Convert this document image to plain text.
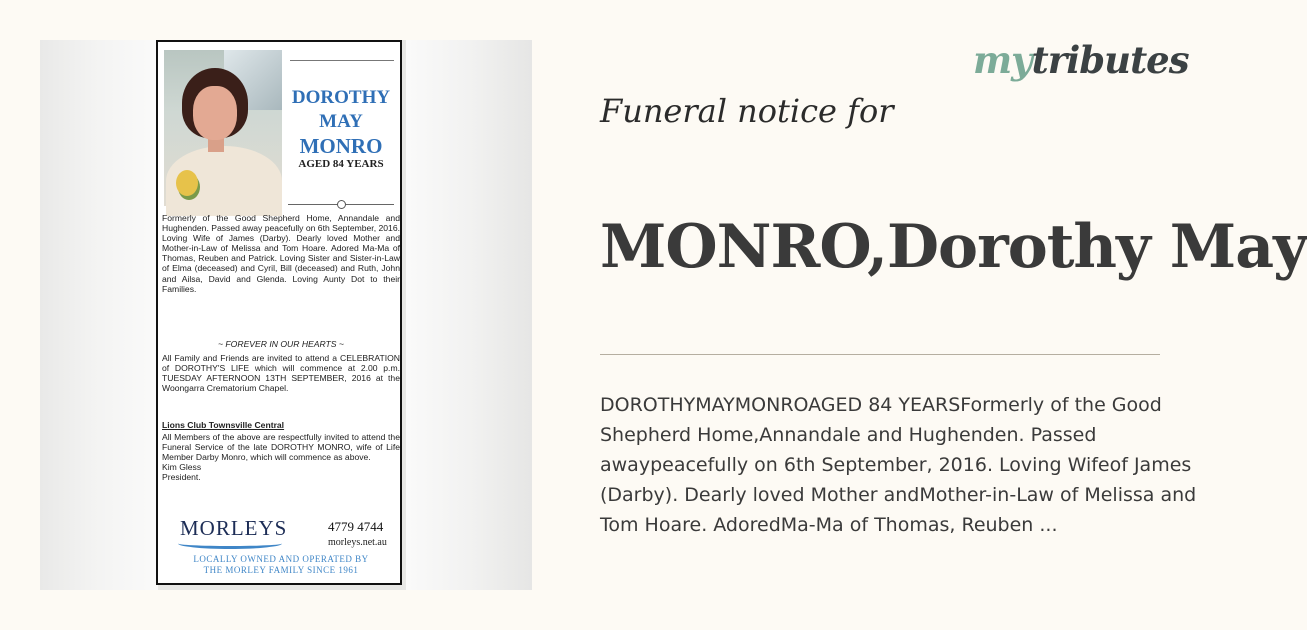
DOROTHY
MAY
MONRO
AGED 84 YEARS
Formerly of the Good Shepherd Home, Annandale and Hughenden. Passed away peacefully on 6th September, 2016. Loving Wife of James (Darby). Dearly loved Mother and Mother-in-Law of Melissa and Tom Hoare. Adored Ma-Ma of Thomas, Reuben and Patrick. Loving Sister and Sister-in-Law of Elma (deceased) and Cyril, Bill (deceased) and Ruth, John and Ailsa, David and Glenda. Loving Aunty Dot to their Families.
~ FOREVER IN OUR HEARTS ~
All Family and Friends are invited to attend a CELEBRATION of DOROTHY'S LIFE which will commence at 2.00 p.m. TUESDAY AFTERNOON 13TH SEPTEMBER, 2016 at the Woongarra Crematorium Chapel.
Lions Club Townsville Central
All Members of the above are respectfully invited to attend the Funeral Service of the late DOROTHY MONRO, wife of Life Member Darby Monro, which will commence as above.
Kim Gless
President.
MORLEYS	4779 4744
morleys.net.au
LOCALLY OWNED AND OPERATED BY
THE MORLEY FAMILY SINCE 1961
mytributes
Funeral notice for
MONRO,Dorothy May
DOROTHYMAYMONROAGED 84 YEARSFormerly of the Good Shepherd Home,Annandale and Hughenden. Passed awaypeacefully on 6th September, 2016. Loving Wifeof James (Darby). Dearly loved Mother andMother-in-Law of Melissa and Tom Hoare. AdoredMa-Ma of Thomas, Reuben ...
